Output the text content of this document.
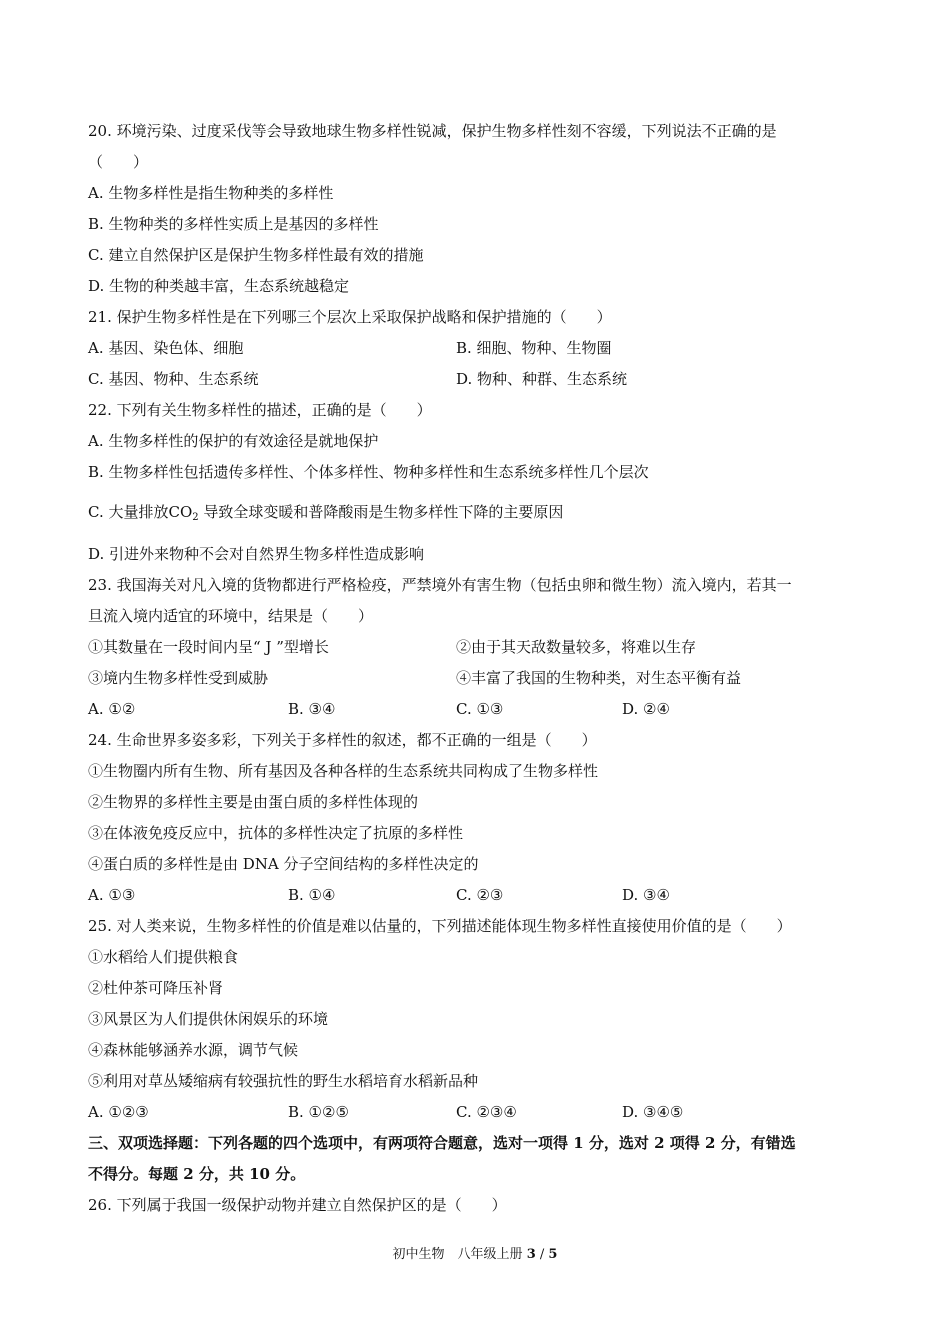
20. 环境污染、过度采伐等会导致地球生物多样性锐减，保护生物多样性刻不容缓，下列说法不正确的是
（　　）
A. 生物多样性是指生物种类的多样性
B. 生物种类的多样性实质上是基因的多样性
C. 建立自然保护区是保护生物多样性最有效的措施
D. 生物的种类越丰富，生态系统越稳定
21. 保护生物多样性是在下列哪三个层次上采取保护战略和保护措施的（　　）
A. 基因、染色体、细胞	B. 细胞、物种、生物圈
C. 基因、物种、生态系统	D. 物种、种群、生态系统
22. 下列有关生物多样性的描述，正确的是（　　）
A. 生物多样性的保护的有效途径是就地保护
B. 生物多样性包括遗传多样性、个体多样性、物种多样性和生态系统多样性几个层次
C. 大量排放$CO_2$ 导致全球变暖和普降酸雨是生物多样性下降的主要原因
D. 引进外来物种不会对自然界生物多样性造成影响
23. 我国海关对凡入境的货物都进行严格检疫，严禁境外有害生物（包括虫卵和微生物）流入境内，若其一
旦流入境内适宜的环境中，结果是（　　）
①其数量在一段时间内呈“ J ”型增长	②由于其天敌数量较多，将难以生存
③境内生物多样性受到威胁	④丰富了我国的生物种类，对生态平衡有益
A. ①②	B. ③④	C. ①③	D. ②④
24. 生命世界多姿多彩，下列关于多样性的叙述，都不正确的一组是（　　）
①生物圈内所有生物、所有基因及各种各样的生态系统共同构成了生物多样性
②生物界的多样性主要是由蛋白质的多样性体现的
③在体液免疫反应中，抗体的多样性决定了抗原的多样性
④蛋白质的多样性是由 DNA 分子空间结构的多样性决定的
A. ①③	B. ①④	C. ②③	D. ③④
25. 对人类来说，生物多样性的价值是难以估量的，下列描述能体现生物多样性直接使用价值的是（　　）
①水稻给人们提供粮食
②杜仲茶可降压补肾
③风景区为人们提供休闲娱乐的环境
④森林能够涵养水源，调节气候
⑤利用对草丛矮缩病有较强抗性的野生水稻培育水稻新品种
A. ①②③	B. ①②⑤	C. ②③④	D. ③④⑤
三、双项选择题：下列各题的四个选项中，有两项符合题意，选对一项得 1 分，选对 2 项得 2 分，有错选
不得分。每题 2 分，共 10 分。
26. 下列属于我国一级保护动物并建立自然保护区的是（　　）
初中生物　八年级上册 3 / 5
